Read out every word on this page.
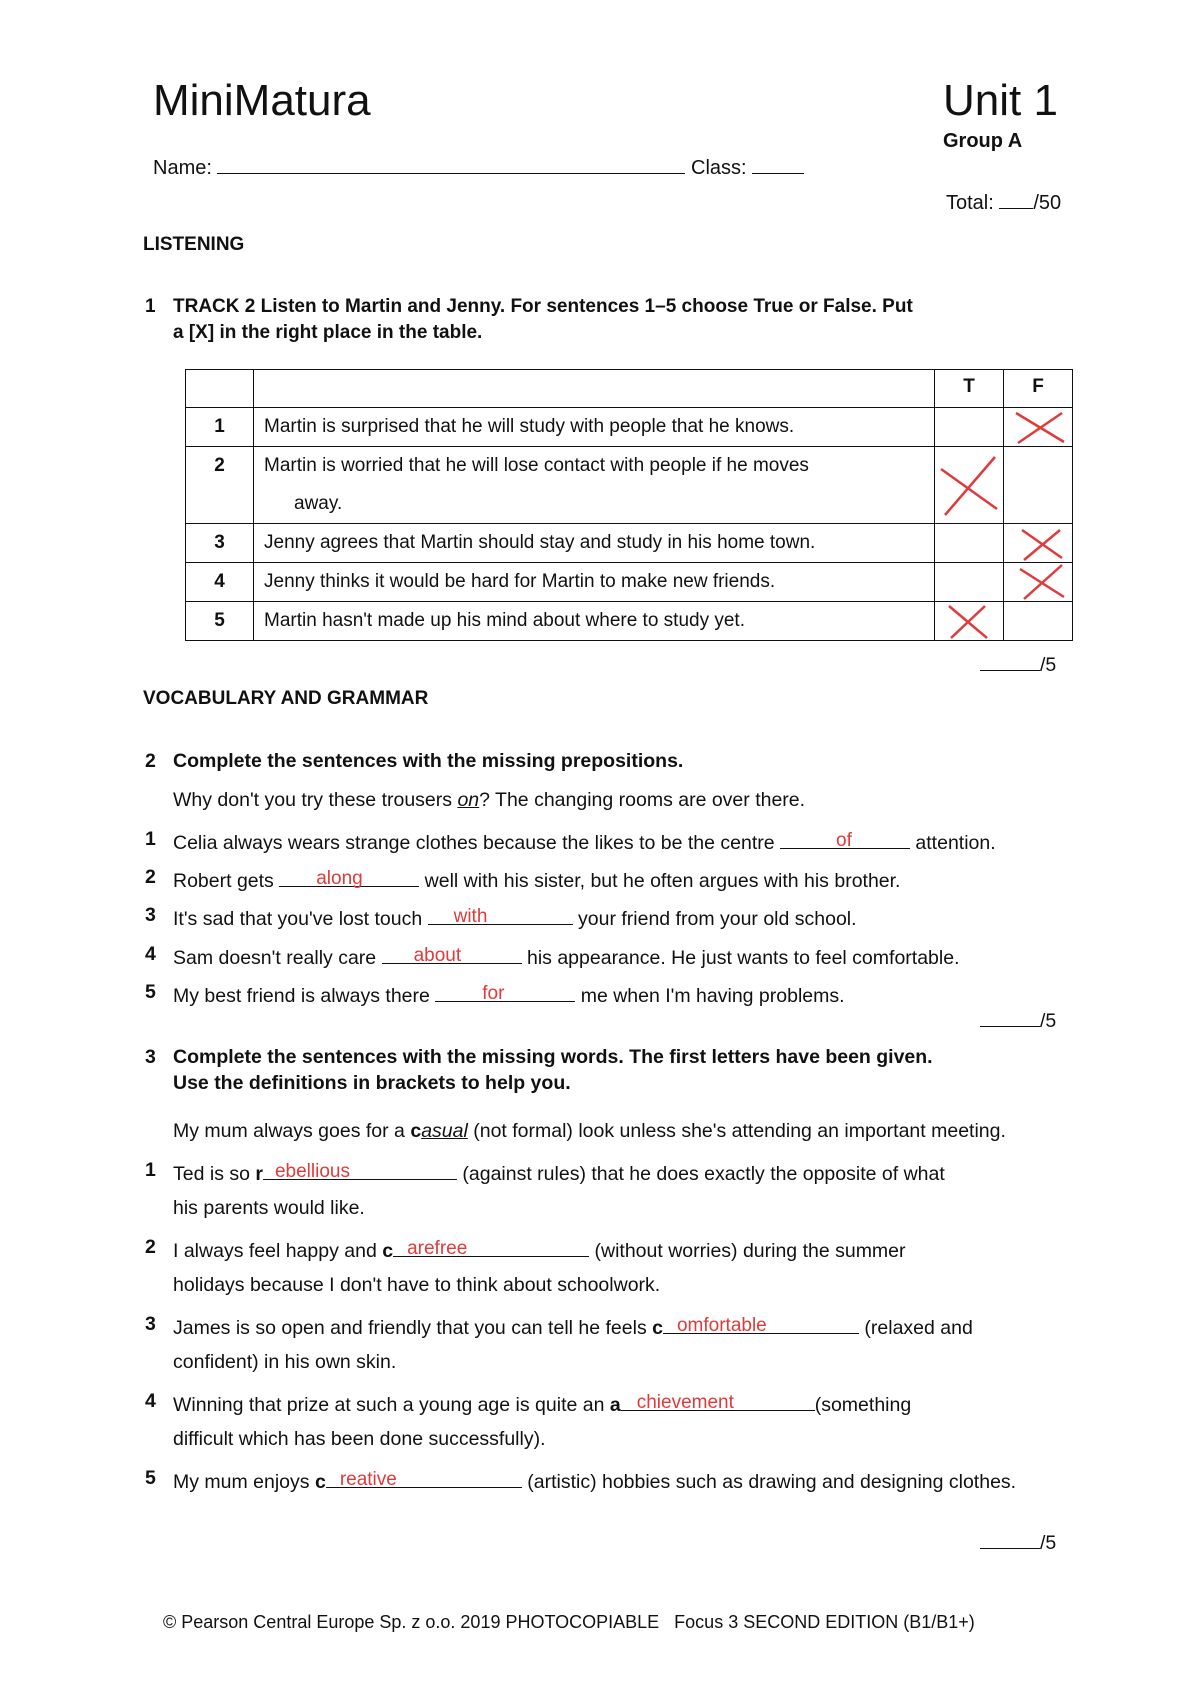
MiniMatura	Unit 1
Group A
Name:	Class:
Total: /50
LISTENING
1 TRACK 2 Listen to Martin and Jenny. For sentences 1–5 choose True or False. Put
a [X] in the right place in the table.
		T	F
1	Martin is surprised that he will study with people that he knows.		

2	Martin is worried that he will lose contact with people if he moves
away.

3	Jenny agrees that Martin should stay and study in his home town.		

4	Jenny thinks it would be hard for Martin to make new friends.		

5	Martin hasn't made up his mind about where to study yet.	

/5
VOCABULARY AND GRAMMAR
2 Complete the sentences with the missing prepositions.
Why don't you try these trousers on? The changing rooms are over there.
1 Celia always wears strange clothes because the likes to be the centre	of	attention.
2 Robert gets along	well with his sister, but he often argues with his brother.
3 It's sad that you've lost touch with	your friend from your old school.
4 Sam doesn't really care about	his appearance. He just wants to feel comfortable.
5 My best friend is always there for	me when I'm having problems.
/5
3 Complete the sentences with the missing words. The first letters have been given.
Use the definitions in brackets to help you.
My mum always goes for a casual (not formal) look unless she's attending an important meeting.
1 Ted is so r ebellious	(against rules) that he does exactly the opposite of what
his parents would like.
2 I always feel happy and c arefree	(without worries) during the summer
holidays because I don't have to think about schoolwork.
3 James is so open and friendly that you can tell he feels c omfortable	(relaxed and
confident) in his own skin.
4 Winning that prize at such a young age is quite an a chievement	(something
difficult which has been done successfully).
5 My mum enjoys c reative	(artistic) hobbies such as drawing and designing clothes.
/5
© Pearson Central Europe Sp. z o.o. 2019 PHOTOCOPIABLE   Focus 3 SECOND EDITION (B1/B1+)
